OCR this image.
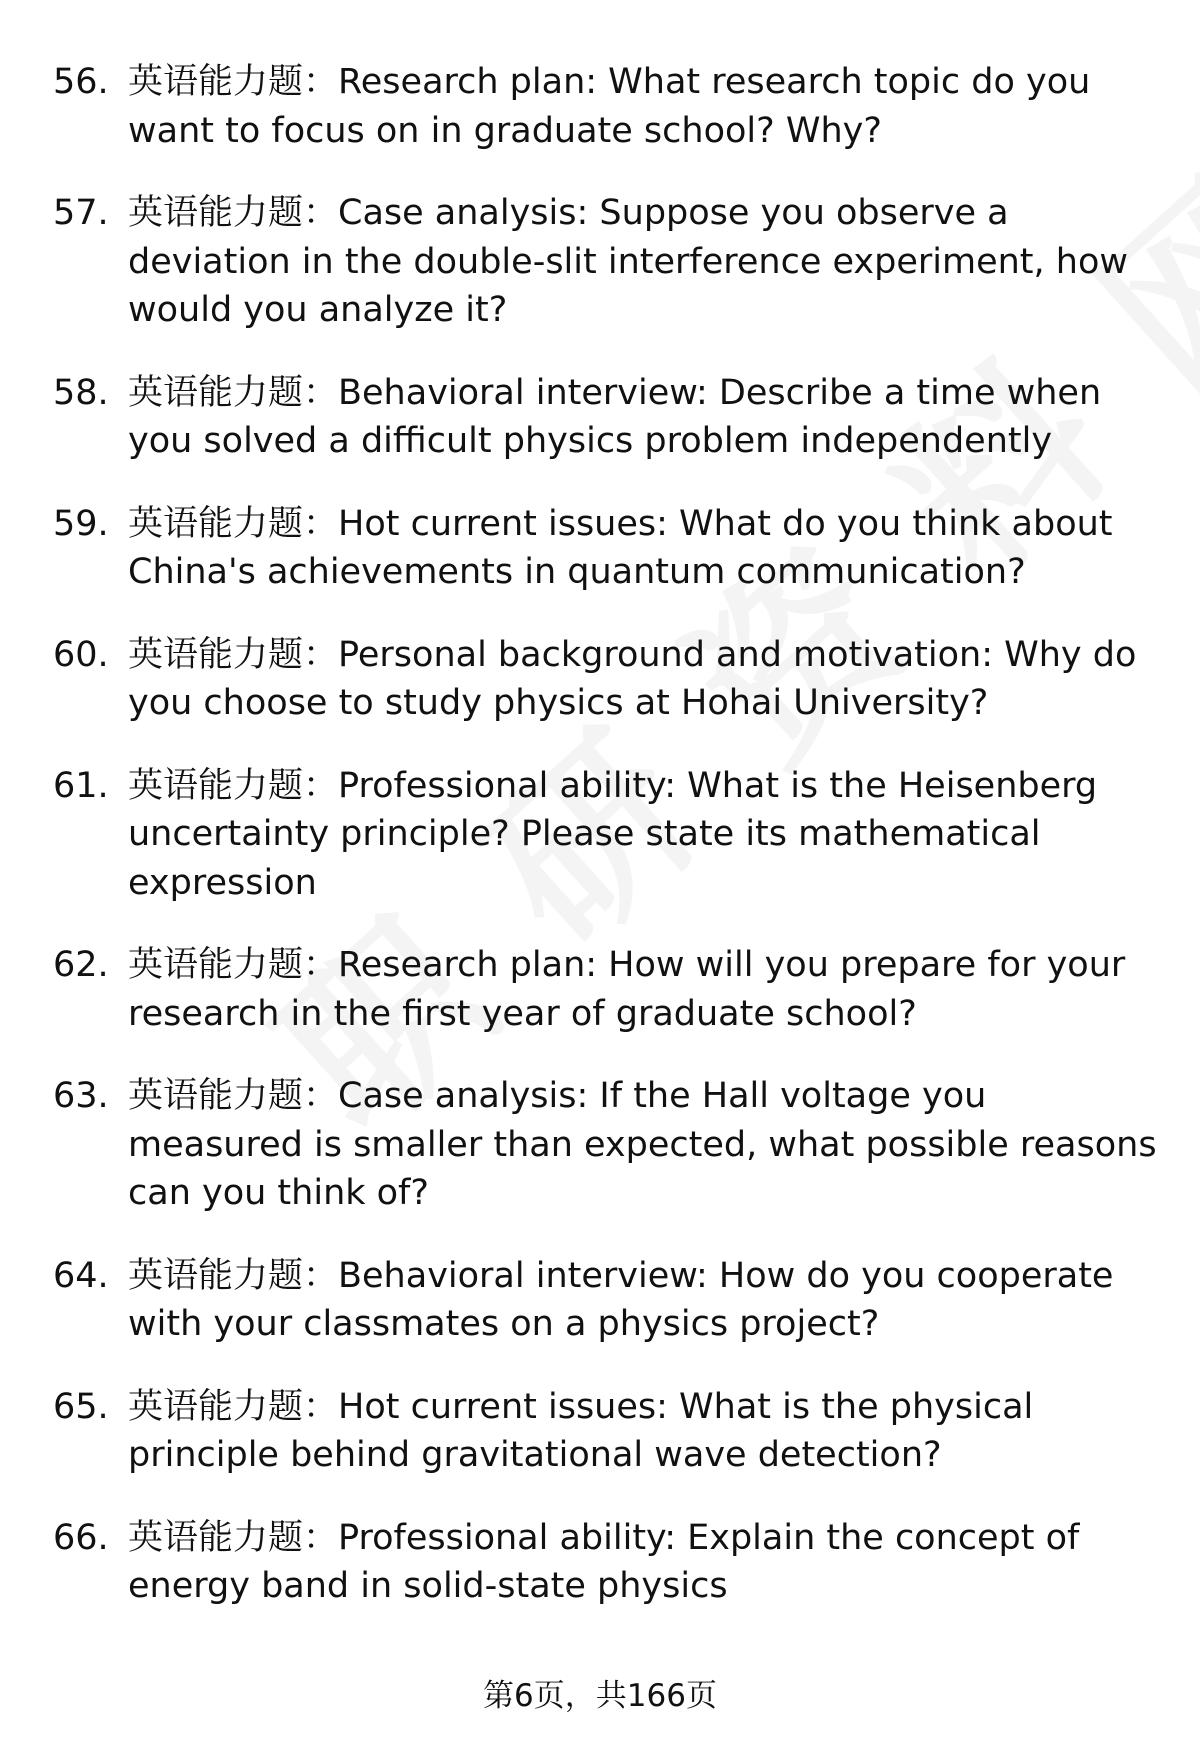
56. 英语能力题：Research plan: What research topic do you want to focus on in graduate school? Why?
57. 英语能力题：Case analysis: Suppose you observe a deviation in the double-slit interference experiment, how would you analyze it?
58. 英语能力题：Behavioral interview: Describe a time when you solved a difficult physics problem independently
59. 英语能力题：Hot current issues: What do you think about China's achievements in quantum communication?
60. 英语能力题：Personal background and motivation: Why do you choose to study physics at Hohai University?
61. 英语能力题：Professional ability: What is the Heisenberg uncertainty principle? Please state its mathematical expression
62. 英语能力题：Research plan: How will you prepare for your research in the first year of graduate school?
63. 英语能力题：Case analysis: If the Hall voltage you measured is smaller than expected, what possible reasons can you think of?
64. 英语能力题：Behavioral interview: How do you cooperate with your classmates on a physics project?
65. 英语能力题：Hot current issues: What is the physical principle behind gravitational wave detection?
66. 英语能力题：Professional ability: Explain the concept of energy band in solid-state physics
第6页，共166页
